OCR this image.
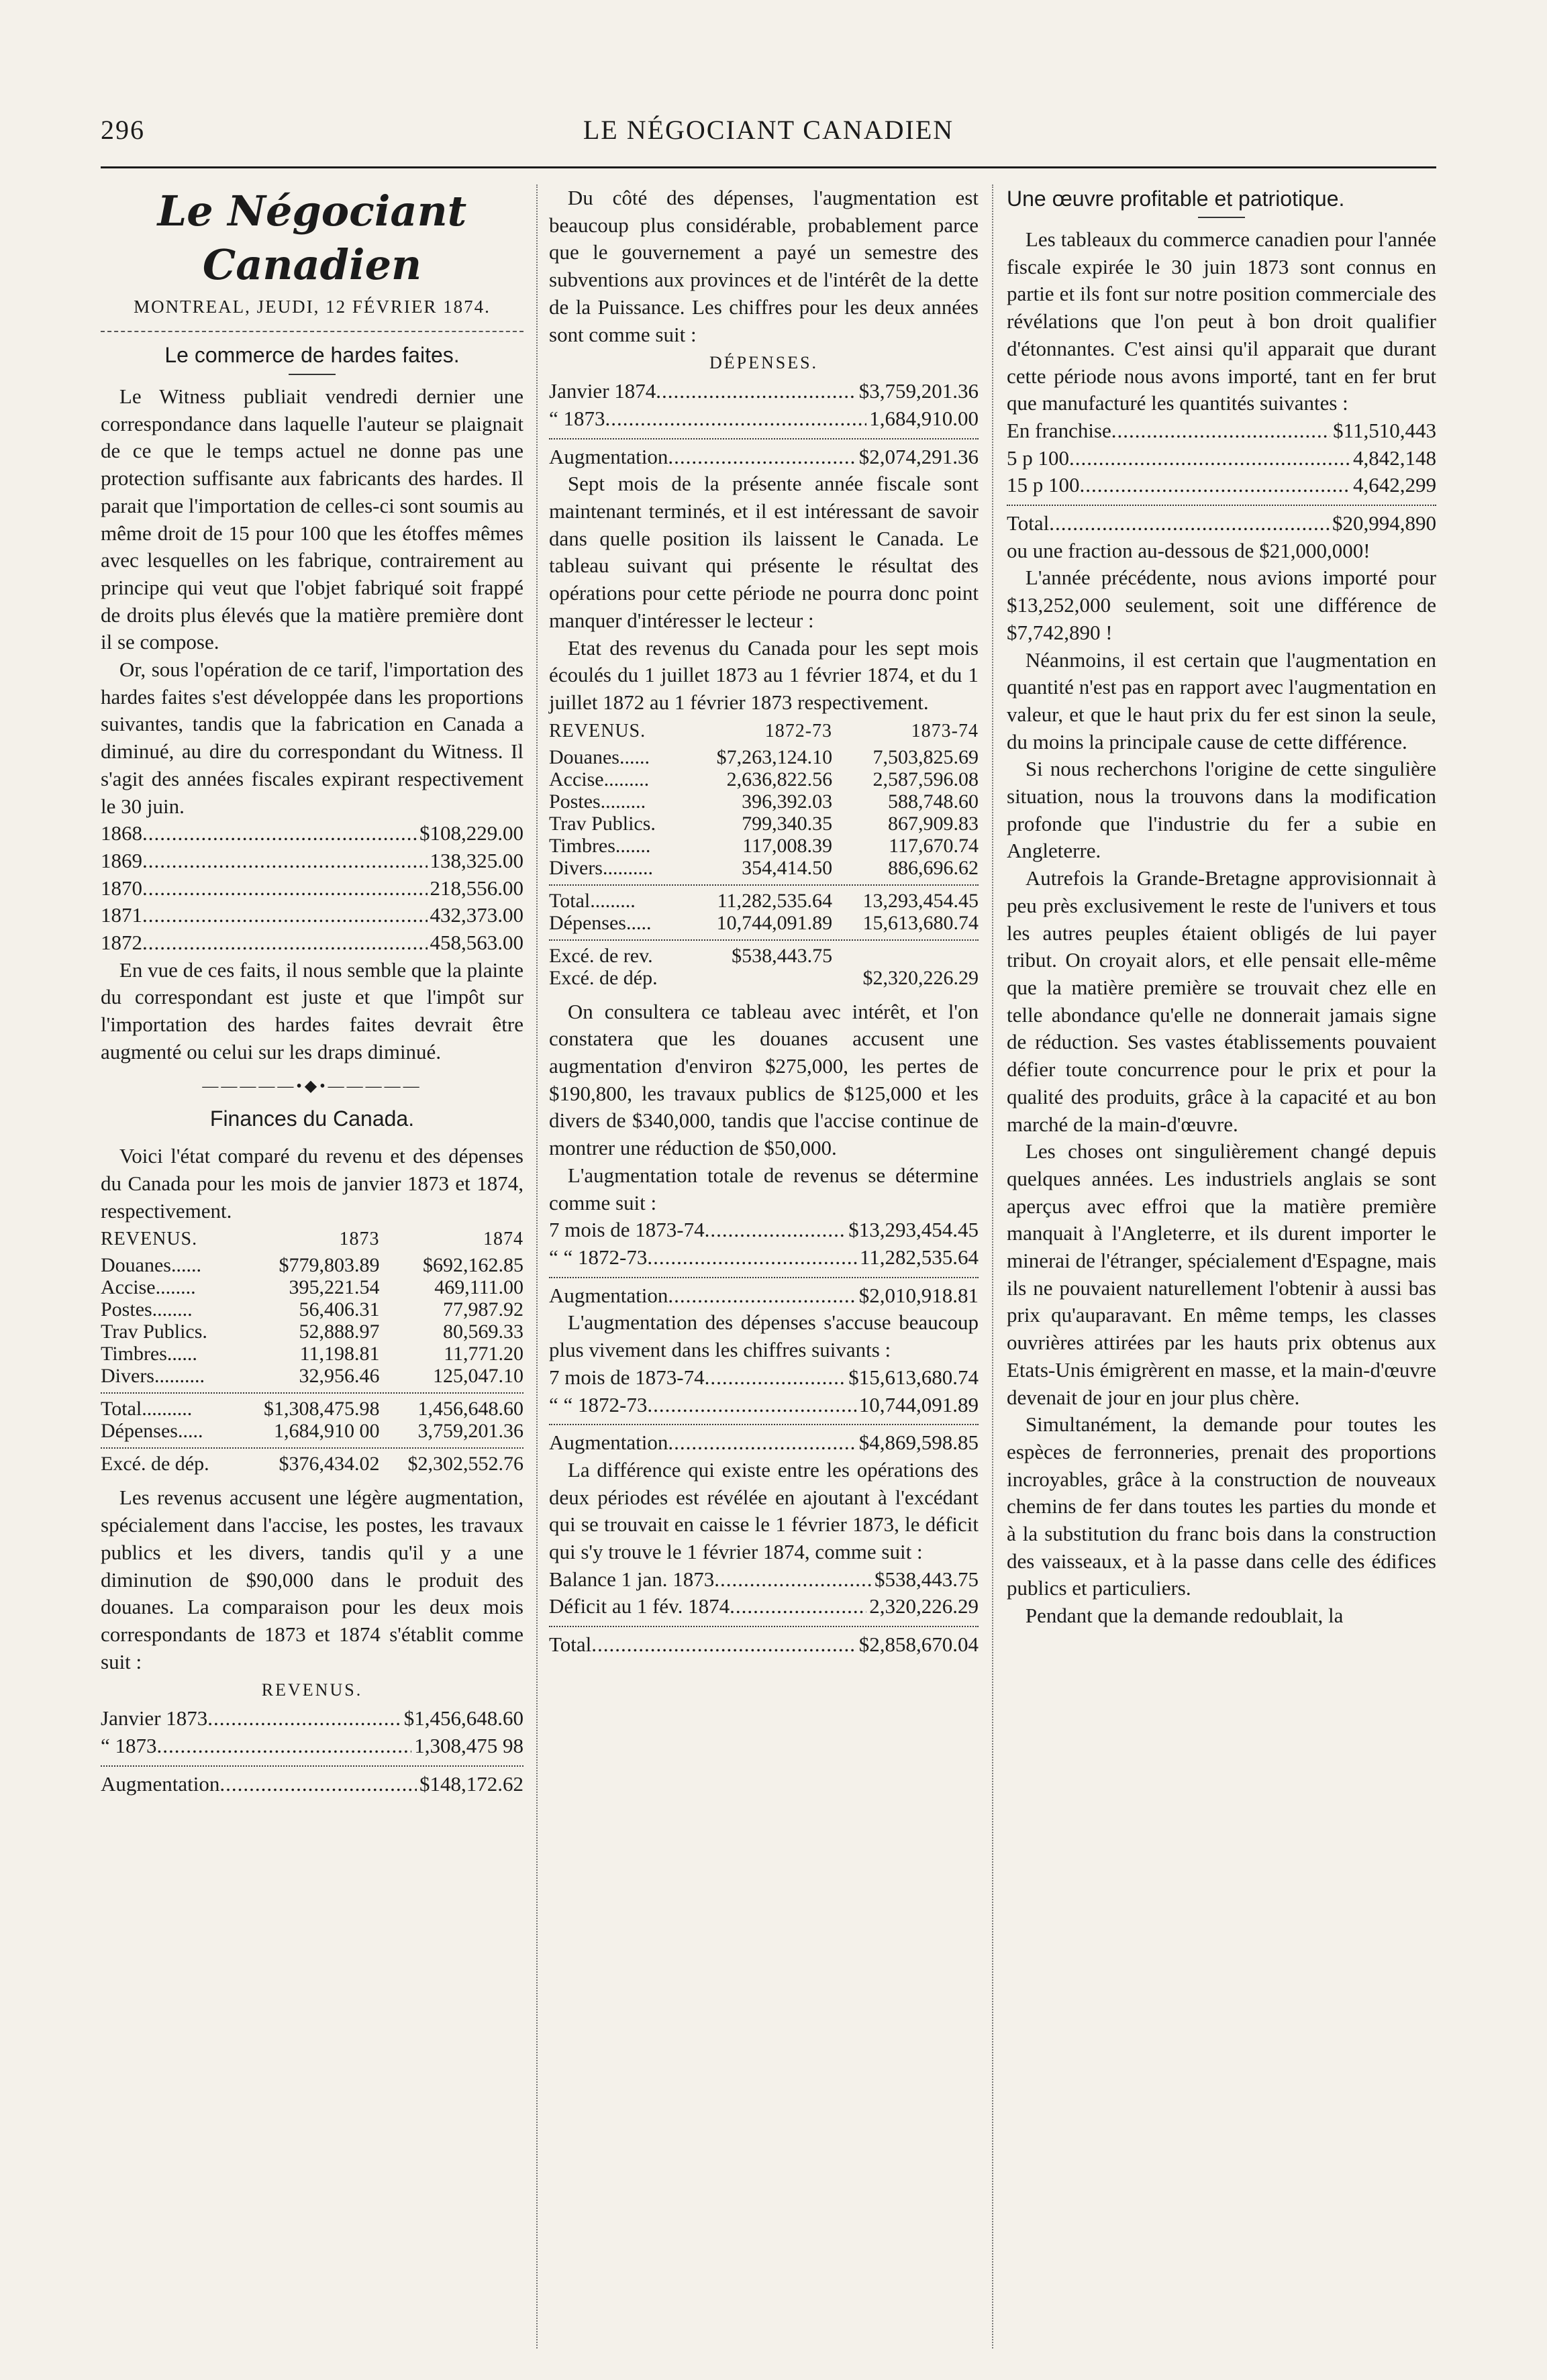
296	LE NÉGOCIANT CANADIEN
Le Négociant Canadien
MONTREAL, JEUDI, 12 FÉVRIER 1874.
Le commerce de hardes faites.

Le Witness publiait vendredi dernier une correspondance dans laquelle l'auteur se plaignait de ce que le temps actuel ne donne pas une protection suffisante aux fabricants des hardes. Il parait que l'importation de celles-ci sont soumis au même droit de 15 pour 100 que les étoffes mêmes avec lesquelles on les fabrique, contrairement au principe qui veut que l'objet fabriqué soit frappé de droits plus élevés que la matière première dont il se compose.

Or, sous l'opération de ce tarif, l'importation des hardes faites s'est développée dans les proportions suivantes, tandis que la fabrication en Canada a diminué, au dire du correspondant du Witness. Il s'agit des années fiscales expirant respectivement le 30 juin.

1868 .....	$108,229.00
1869 .....	138,325.00
1870 .....	218,556.00
1871 .....	432,373.00
1872 .....	458,563.00

En vue de ces faits, il nous semble que la plainte du correspondant est juste et que l'impôt sur l'importation des hardes faites devrait être augmenté ou celui sur les draps diminué.

—————•◆•—————
Finances du Canada.

Voici l'état comparé du revenu et des dépenses du Canada pour les mois de janvier 1873 et 1874, respectivement.

REVENUS.	1873	1874
Douanes......	$779,803.89	$692,162.85
Accise........	395,221.54	469,111.00
Postes........	56,406.31	77,987.92
Trav Publics.	52,888.97	80,569.33
Timbres......	11,198.81	11,771.20
Divers..........	32,956.46	125,047.10

Total..........	$1,308,475.98	1,456,648.60
Dépenses.....	1,684,910 00	3,759,201.36

Excé. de dép.	$376,434.02	$2,302,552.76

Les revenus accusent une légère augmentation, spécialement dans l'accise, les postes, les travaux publics et les divers, tandis qu'il y a une diminution de $90,000 dans le produit des douanes. La comparaison pour les deux mois correspondants de 1873 et 1874 s'établit comme suit :

REVENUS.
Janvier 1873 .....	$1,456,648.60
“ 1873 .....	1,308,475 98
Augmentation .....	$148,172.62

Du côté des dépenses, l'augmentation est beaucoup plus considérable, probablement parce que le gouvernement a payé un semestre des subventions aux provinces et de l'intérêt de la dette de la Puissance. Les chiffres pour les deux années sont comme suit :

DÉPENSES.
Janvier 1874 .....	$3,759,201.36
“ 1873 .....	1,684,910.00
Augmentation .....	$2,074,291.36

Sept mois de la présente année fiscale sont maintenant terminés, et il est intéressant de savoir dans quelle position ils laissent le Canada. Le tableau suivant qui présente le résultat des opérations pour cette période ne pourra donc point manquer d'intéresser le lecteur :

Etat des revenus du Canada pour les sept mois écoulés du 1 juillet 1873 au 1 février 1874, et du 1 juillet 1872 au 1 février 1873 respectivement.

REVENUS.	1872-73	1873-74
Douanes......	$7,263,124.10	7,503,825.69
Accise.........	2,636,822.56	2,587,596.08
Postes.........	396,392.03	588,748.60
Trav Publics.	799,340.35	867,909.83
Timbres.......	117,008.39	117,670.74
Divers..........	354,414.50	886,696.62

Total.........	11,282,535.64	13,293,454.45
Dépenses.....	10,744,091.89	15,613,680.74

Excé. de rev.	$538,443.75	
Excé. de dép.		$2,320,226.29

On consultera ce tableau avec intérêt, et l'on constatera que les douanes accusent une augmentation d'environ $275,000, les pertes de $190,800, les travaux publics de $125,000 et les divers de $340,000, tandis que l'accise continue de montrer une réduction de $50,000.

L'augmentation totale de revenus se détermine comme suit :

7 mois de 1873-74 .....	$13,293,454.45
“ “ 1872-73 .....	11,282,535.64
Augmentation .....	$2,010,918.81

L'augmentation des dépenses s'accuse beaucoup plus vivement dans les chiffres suivants :

7 mois de 1873-74 .....	$15,613,680.74
“ “ 1872-73 .....	10,744,091.89
Augmentation .....	$4,869,598.85

La différence qui existe entre les opérations des deux périodes est révélée en ajoutant à l'excédant qui se trouvait en caisse le 1 février 1873, le déficit qui s'y trouve le 1 février 1874, comme suit :

Balance 1 jan. 1873 .....	$538,443.75
Déficit au 1 fév. 1874 .....	2,320,226.29
Total .....	$2,858,670.04
Une œuvre profitable et patriotique.

Les tableaux du commerce canadien pour l'année fiscale expirée le 30 juin 1873 sont connus en partie et ils font sur notre position commerciale des révélations que l'on peut à bon droit qualifier d'étonnantes. C'est ainsi qu'il apparait que durant cette période nous avons importé, tant en fer brut que manufacturé les quantités suivantes :

En franchise .....	$11,510,443
5 p 100 .....	4,842,148
15 p 100 .....	4,642,299
Total .....	$20,994,890

ou une fraction au-dessous de $21,000,000!

L'année précédente, nous avions importé pour $13,252,000 seulement, soit une différence de $7,742,890 !

Néanmoins, il est certain que l'augmentation en quantité n'est pas en rapport avec l'augmentation en valeur, et que le haut prix du fer est sinon la seule, du moins la principale cause de cette différence.

Si nous recherchons l'origine de cette singulière situation, nous la trouvons dans la modification profonde que l'industrie du fer a subie en Angleterre.

Autrefois la Grande-Bretagne approvisionnait à peu près exclusivement le reste de l'univers et tous les autres peuples étaient obligés de lui payer tribut. On croyait alors, et elle pensait elle-même que la matière première se trouvait chez elle en telle abondance qu'elle ne donnerait jamais signe de réduction. Ses vastes établissements pouvaient défier toute concurrence pour le prix et pour la qualité des produits, grâce à la capacité et au bon marché de la main-d'œuvre.

Les choses ont singulièrement changé depuis quelques années. Les industriels anglais se sont aperçus avec effroi que la matière première manquait à l'Angleterre, et ils durent importer le minerai de l'étranger, spécialement d'Espagne, mais ils ne pouvaient naturellement l'obtenir à aussi bas prix qu'auparavant. En même temps, les classes ouvrières attirées par les hauts prix obtenus aux Etats-Unis émigrèrent en masse, et la main-d'œuvre devenait de jour en jour plus chère.

Simultanément, la demande pour toutes les espèces de ferronneries, prenait des proportions incroyables, grâce à la construction de nouveaux chemins de fer dans toutes les parties du monde et à la substitution du franc bois dans la construction des vaisseaux, et à la passe dans celle des édifices publics et particuliers.

Pendant que la demande redoublait, la
